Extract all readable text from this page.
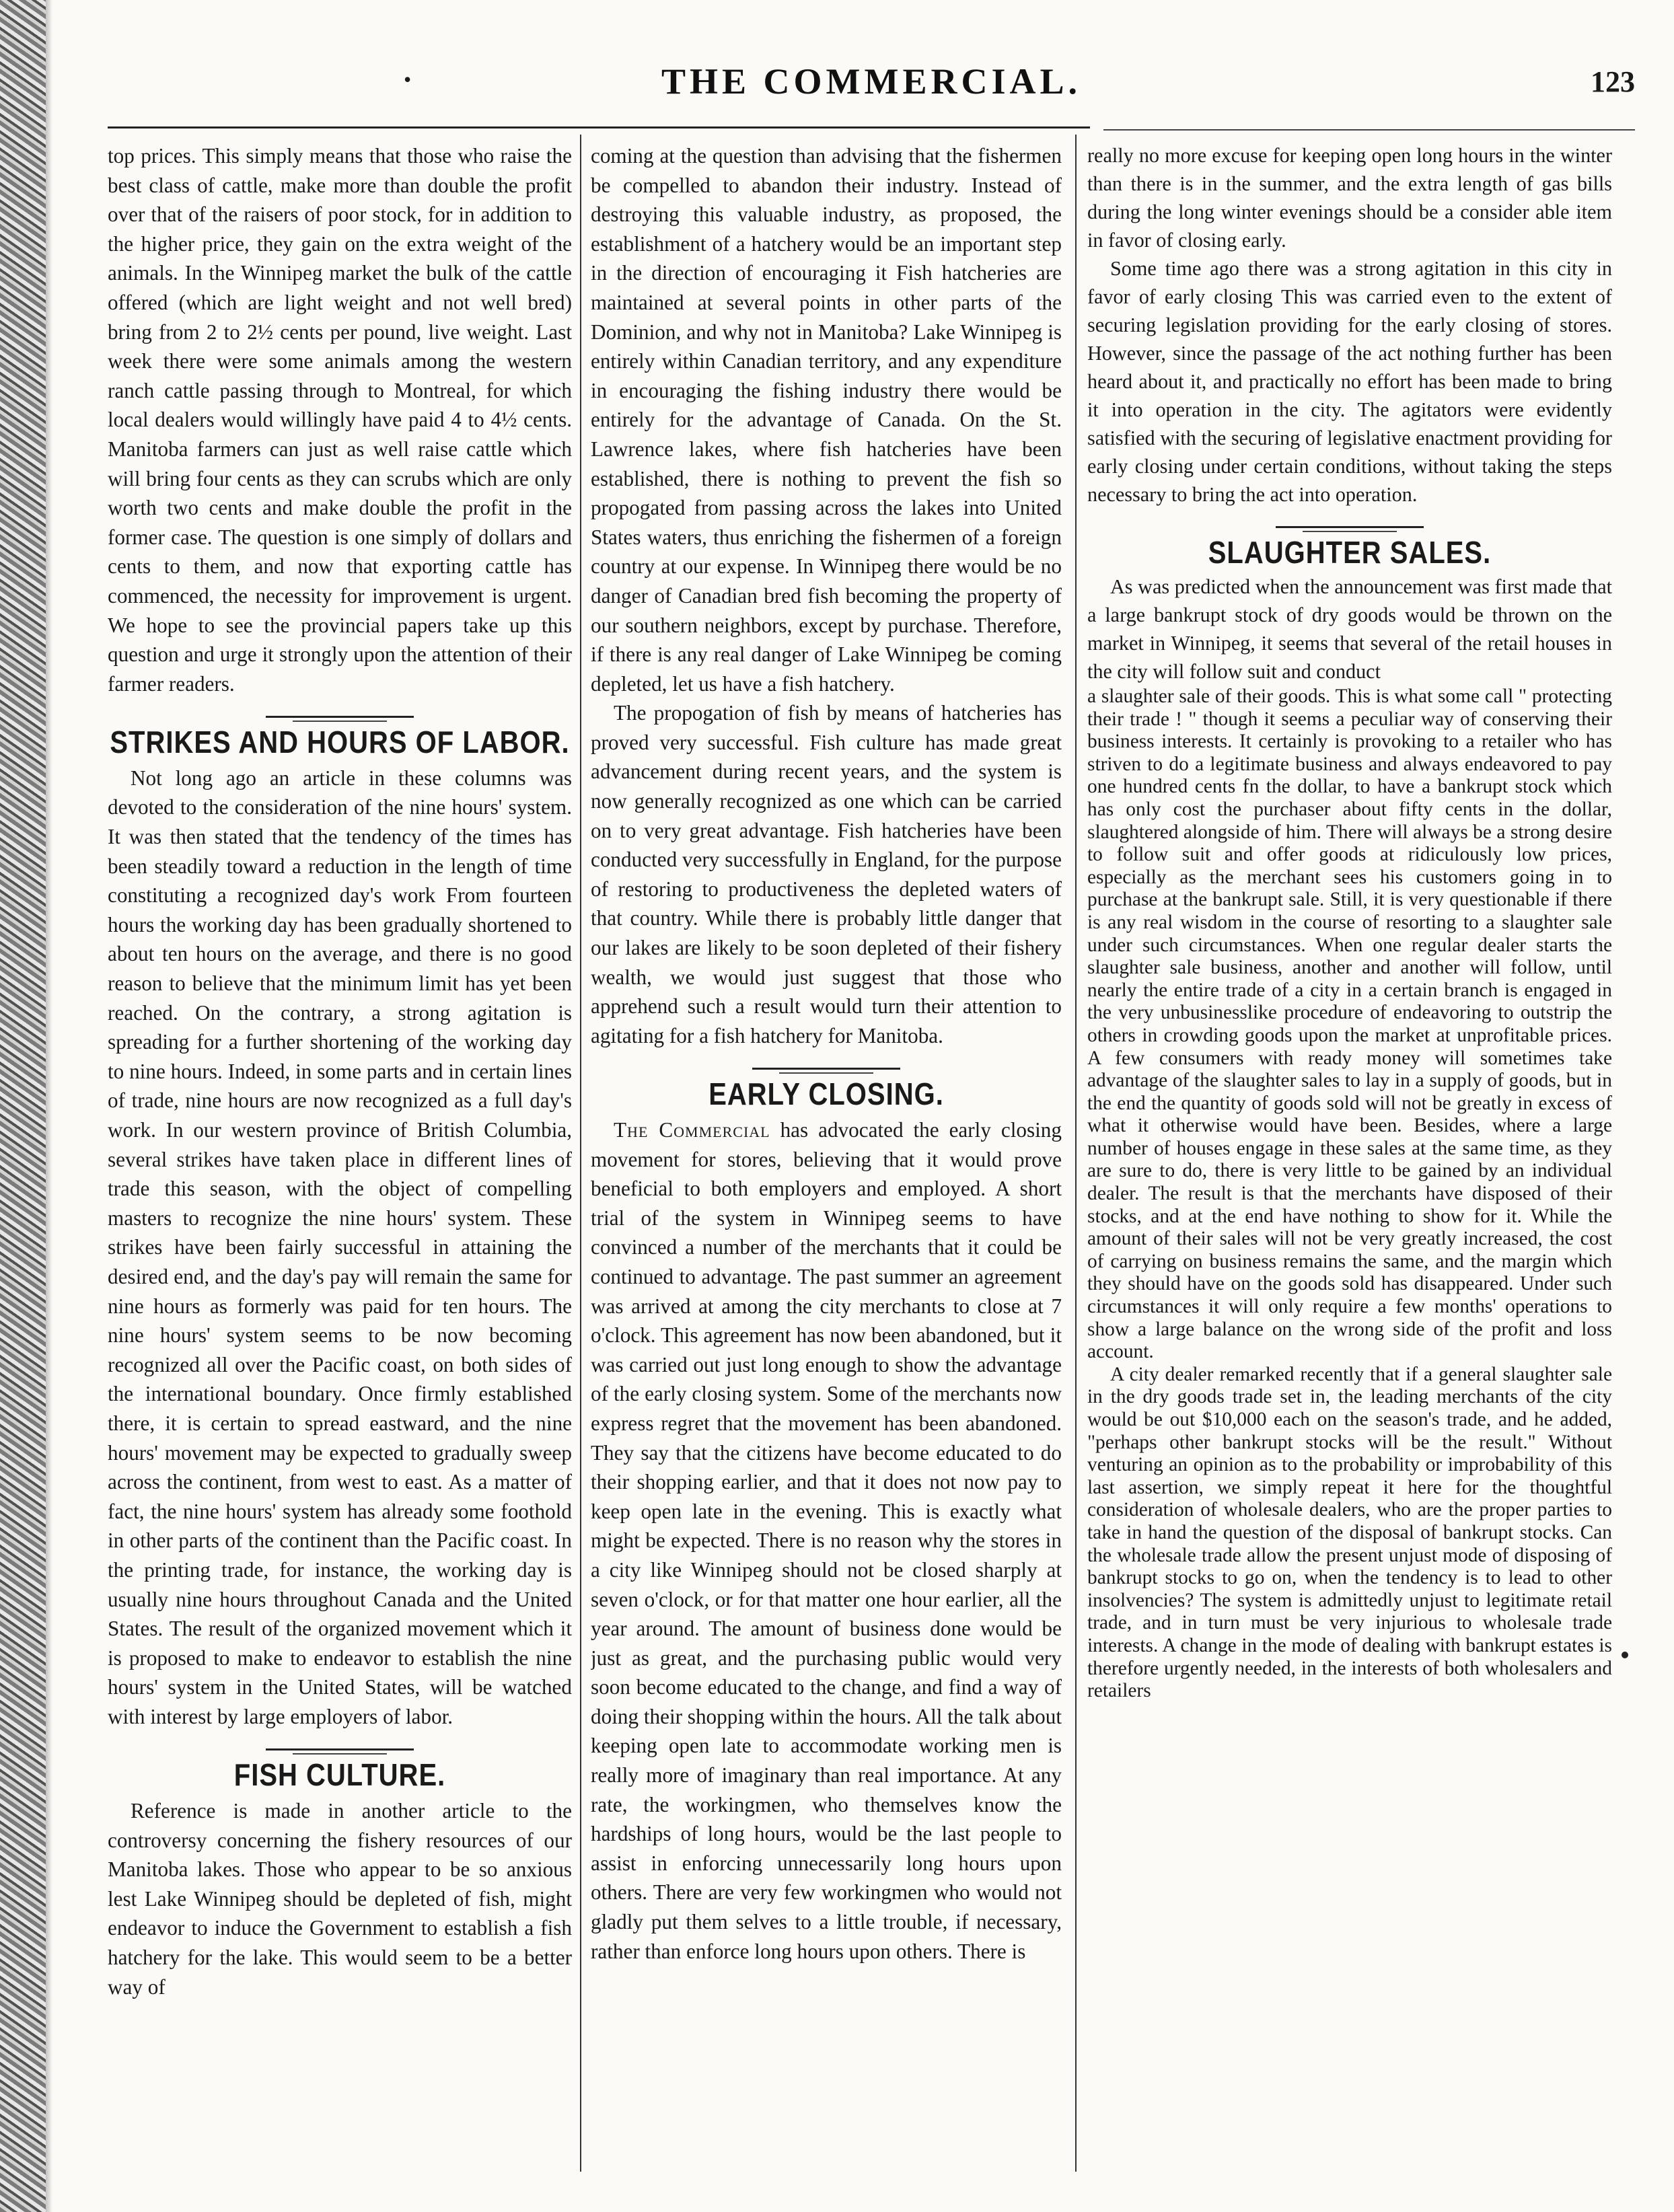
•	THE COMMERCIAL.	123

top prices. This simply means that those who raise the best class of cattle, make more than double the profit over that of the raisers of poor stock, for in addition to the higher price, they gain on the extra weight of the animals. In the Winnipeg market the bulk of the cattle offered (which are light weight and not well bred) bring from 2 to 2½ cents per pound, live weight. Last week there were some animals among the western ranch cattle passing through to Montreal, for which local dealers would willingly have paid 4 to 4½ cents. Manitoba farmers can just as well raise cattle which will bring four cents as they can scrubs which are only worth two cents and make double the profit in the former case. The question is one simply of dollars and cents to them, and now that exporting cattle has commenced, the necessity for improvement is urgent. We hope to see the provincial papers take up this question and urge it strongly upon the attention of their farmer readers.

STRIKES AND HOURS OF LABOR.

Not long ago an article in these columns was devoted to the consideration of the nine hours' system. It was then stated that the tendency of the times has been steadily toward a reduction in the length of time constituting a recognized day's work From fourteen hours the working day has been gradually shortened to about ten hours on the average, and there is no good reason to believe that the minimum limit has yet been reached. On the contrary, a strong agitation is spreading for a further shortening of the working day to nine hours. Indeed, in some parts and in certain lines of trade, nine hours are now recognized as a full day's work. In our western province of British Columbia, several strikes have taken place in different lines of trade this season, with the object of compelling masters to recognize the nine hours' system. These strikes have been fairly successful in attaining the desired end, and the day's pay will remain the same for nine hours as formerly was paid for ten hours. The nine hours' system seems to be now becoming recognized all over the Pacific coast, on both sides of the international boundary. Once firmly established there, it is certain to spread eastward, and the nine hours' movement may be expected to gradually sweep across the continent, from west to east. As a matter of fact, the nine hours' system has already some foothold in other parts of the continent than the Pacific coast. In the printing trade, for instance, the working day is usually nine hours throughout Canada and the United States. The result of the organized movement which it is proposed to make to endeavor to establish the nine hours' system in the United States, will be watched with interest by large employers of labor.

FISH CULTURE.

Reference is made in another article to the controversy concerning the fishery resources of our Manitoba lakes. Those who appear to be so anxious lest Lake Winnipeg should be depleted of fish, might endeavor to induce the Government to establish a fish hatchery for the lake. This would seem to be a better way of

coming at the question than advising that the fishermen be compelled to abandon their industry. Instead of destroying this valuable industry, as proposed, the establishment of a hatchery would be an important step in the direction of encouraging it Fish hatcheries are maintained at several points in other parts of the Dominion, and why not in Manitoba? Lake Winnipeg is entirely within Canadian territory, and any expenditure in encouraging the fishing industry there would be entirely for the advantage of Canada. On the St. Lawrence lakes, where fish hatcheries have been established, there is nothing to prevent the fish so propogated from passing across the lakes into United States waters, thus enriching the fishermen of a foreign country at our expense. In Winnipeg there would be no danger of Canadian bred fish becoming the property of our southern neighbors, except by purchase. Therefore, if there is any real danger of Lake Winnipeg be coming depleted, let us have a fish hatchery.

The propogation of fish by means of hatcheries has proved very successful. Fish culture has made great advancement during recent years, and the system is now generally recognized as one which can be carried on to very great advantage. Fish hatcheries have been conducted very successfully in England, for the purpose of restoring to productiveness the depleted waters of that country. While there is probably little danger that our lakes are likely to be soon depleted of their fishery wealth, we would just suggest that those who apprehend such a result would turn their attention to agitating for a fish hatchery for Manitoba.

EARLY CLOSING.

The Commercial has advocated the early closing movement for stores, believing that it would prove beneficial to both employers and employed. A short trial of the system in Winnipeg seems to have convinced a number of the merchants that it could be continued to advantage. The past summer an agreement was arrived at among the city merchants to close at 7 o'clock. This agreement has now been abandoned, but it was carried out just long enough to show the advantage of the early closing system. Some of the merchants now express regret that the movement has been abandoned. They say that the citizens have become educated to do their shopping earlier, and that it does not now pay to keep open late in the evening. This is exactly what might be expected. There is no reason why the stores in a city like Winnipeg should not be closed sharply at seven o'clock, or for that matter one hour earlier, all the year around. The amount of business done would be just as great, and the purchasing public would very soon become educated to the change, and find a way of doing their shopping within the hours. All the talk about keeping open late to accommodate working men is really more of imaginary than real importance. At any rate, the workingmen, who themselves know the hardships of long hours, would be the last people to assist in enforcing unnecessarily long hours upon others. There are very few workingmen who would not gladly put them selves to a little trouble, if necessary, rather than enforce long hours upon others. There is

really no more excuse for keeping open long hours in the winter than there is in the summer, and the extra length of gas bills during the long winter evenings should be a consider able item in favor of closing early.

Some time ago there was a strong agitation in this city in favor of early closing This was carried even to the extent of securing legislation providing for the early closing of stores. However, since the passage of the act nothing further has been heard about it, and practically no effort has been made to bring it into operation in the city. The agitators were evidently satisfied with the securing of legislative enactment providing for early closing under certain conditions, without taking the steps necessary to bring the act into operation.

SLAUGHTER SALES.

As was predicted when the announcement was first made that a large bankrupt stock of dry goods would be thrown on the market in Winnipeg, it seems that several of the retail houses in the city will follow suit and conduct

a slaughter sale of their goods. This is what some call " protecting their trade ! " though it seems a peculiar way of conserving their business interests. It certainly is provoking to a retailer who has striven to do a legitimate business and always endeavored to pay one hundred cents fn the dollar, to have a bankrupt stock which has only cost the purchaser about fifty cents in the dollar, slaughtered alongside of him. There will always be a strong desire to follow suit and offer goods at ridiculously low prices, especially as the merchant sees his customers going in to purchase at the bankrupt sale. Still, it is very questionable if there is any real wisdom in the course of resorting to a slaughter sale under such circumstances. When one regular dealer starts the slaughter sale business, another and another will follow, until nearly the entire trade of a city in a certain branch is engaged in the very unbusinesslike procedure of endeavoring to outstrip the others in crowding goods upon the market at unprofitable prices. A few consumers with ready money will sometimes take advantage of the slaughter sales to lay in a supply of goods, but in the end the quantity of goods sold will not be greatly in excess of what it otherwise would have been. Besides, where a large number of houses engage in these sales at the same time, as they are sure to do, there is very little to be gained by an individual dealer. The result is that the merchants have disposed of their stocks, and at the end have nothing to show for it. While the amount of their sales will not be very greatly increased, the cost of carrying on business remains the same, and the margin which they should have on the goods sold has disappeared. Under such circumstances it will only require a few months' operations to show a large balance on the wrong side of the profit and loss account.

A city dealer remarked recently that if a general slaughter sale in the dry goods trade set in, the leading merchants of the city would be out $10,000 each on the season's trade, and he added, "perhaps other bankrupt stocks will be the result." Without venturing an opinion as to the probability or improbability of this last assertion, we simply repeat it here for the thoughtful consideration of wholesale dealers, who are the proper parties to take in hand the question of the disposal of bankrupt stocks. Can the wholesale trade allow the present unjust mode of disposing of bankrupt stocks to go on, when the tendency is to lead to other insolvencies? The system is admittedly unjust to legitimate retail trade, and in turn must be very injurious to wholesale trade interests. A change in the mode of dealing with bankrupt estates is therefore urgently needed, in the interests of both wholesalers and retailers
